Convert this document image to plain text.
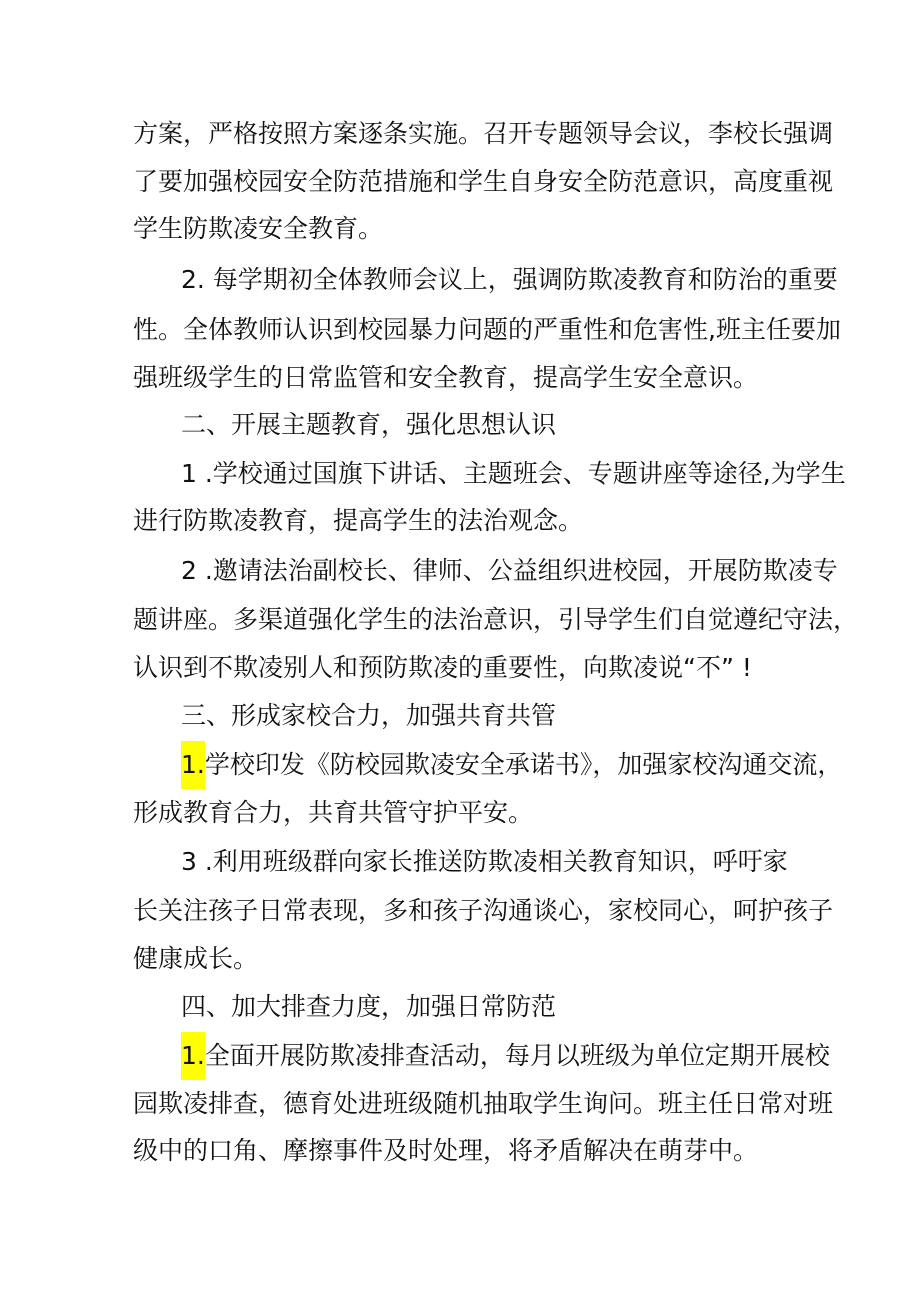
方案，严格按照方案逐条实施。召开专题领导会议，李校长强调
了要加强校园安全防范措施和学生自身安全防范意识，高度重视
学生防欺凌安全教育。
2. 每学期初全体教师会议上，强调防欺凌教育和防治的重要
性。全体教师认识到校园暴力问题的严重性和危害性,班主任要加
强班级学生的日常监管和安全教育，提高学生安全意识。
二、开展主题教育，强化思想认识
1 .学校通过国旗下讲话、主题班会、专题讲座等途径,为学生
进行防欺凌教育，提高学生的法治观念。
2 .邀请法治副校长、律师、公益组织进校园，开展防欺凌专
题讲座。多渠道强化学生的法治意识，引导学生们自觉遵纪守法，
认识到不欺凌别人和预防欺凌的重要性，向欺凌说“不” !
三、形成家校合力，加强共育共管
1.学校印发《防校园欺凌安全承诺书》，加强家校沟通交流，
形成教育合力，共育共管守护平安。
3 .利用班级群向家长推送防欺凌相关教育知识，呼吁家
长关注孩子日常表现，多和孩子沟通谈心，家校同心，呵护孩子
健康成长。
四、加大排查力度，加强日常防范
1.全面开展防欺凌排查活动，每月以班级为单位定期开展校
园欺凌排查，德育处进班级随机抽取学生询问。班主任日常对班
级中的口角、摩擦事件及时处理，将矛盾解决在萌芽中。
